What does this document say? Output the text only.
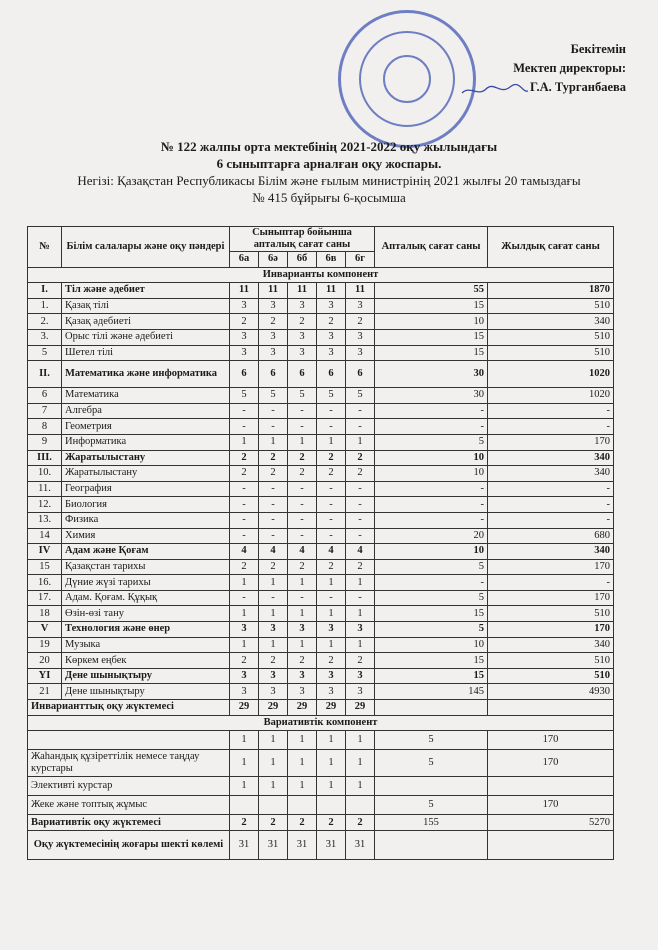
Бекітемін
Мектеп директоры:
Г.А. Турганбаева
№ 122 жалпы орта мектебінің 2021-2022 оқу жылындағы
6 сыныптарға арналған оқу жоспары.
Негізі: Қазақстан Республикасы Білім және ғылым министрінің 2021 жылғы 20 тамыздағы
№ 415 бұйрығы 6-қосымша
№	Білім салалары және оқу пәндері	Сыныптар бойынша апталық сағат саны					Апталық сағат саны	Жылдық сағат саны
		6а	6ә	6б	6в	6г		
Инварианты компонент								
I.	Тіл және әдебиет	11	11	11	11	11	55	1870
1.	Қазақ тілі	3	3	3	3	3	15	510
2.	Қазақ әдебиеті	2	2	2	2	2	10	340
3.	Орыс тілі және әдебиеті	3	3	3	3	3	15	510
5	Шетел тілі	3	3	3	3	3	15	510
II.	Математика және информатика	6	6	6	6	6	30	1020
6	Математика	5	5	5	5	5	30	1020
7	Алгебра	-	-	-	-	-	-	-
8	Геометрия	-	-	-	-	-	-	-
9	Информатика	1	1	1	1	1	5	170
III.	Жаратылыстану	2	2	2	2	2	10	340
10.	Жаратылыстану	2	2	2	2	2	10	340
11.	География	-	-	-	-	-	-	-
12.	Биология	-	-	-	-	-	-	-
13.	Физика	-	-	-	-	-	-	-
14	Химия	-	-	-	-	-	20	680
IV	Адам және Қоғам	4	4	4	4	4	10	340
15	Қазақстан тарихы	2	2	2	2	2	5	170
16.	Дүние жүзі тарихы	1	1	1	1	1	-	-
17.	Адам. Қоғам. Құқық	-	-	-	-	-	5	170
18	Өзін-өзі тану	1	1	1	1	1	15	510
V	Технология және өнер	3	3	3	3	3	5	170
19	Музыка	1	1	1	1	1	10	340
20	Көркем еңбек	2	2	2	2	2	15	510
YI	Дене шынықтыру	3	3	3	3	3	15	510
21	Дене шынықтыру	3	3	3	3	3	145	4930
Инварианттық оқу жүктемесі		29	29	29	29	29		
Вариативтік компонент								
		1	1	1	1	1	5	170
Жаһандық құзіреттілік немесе таңдау курстары		1	1	1	1	1	5	170
Элективті курстар		1	1	1	1	1		
Жеке және топтық жұмыс							5	170
Вариативтік оқу жүктемесі		2	2	2	2	2	155	5270
Оқу жүктемесінің жоғары шекті көлемі		31	31	31	31	31		
